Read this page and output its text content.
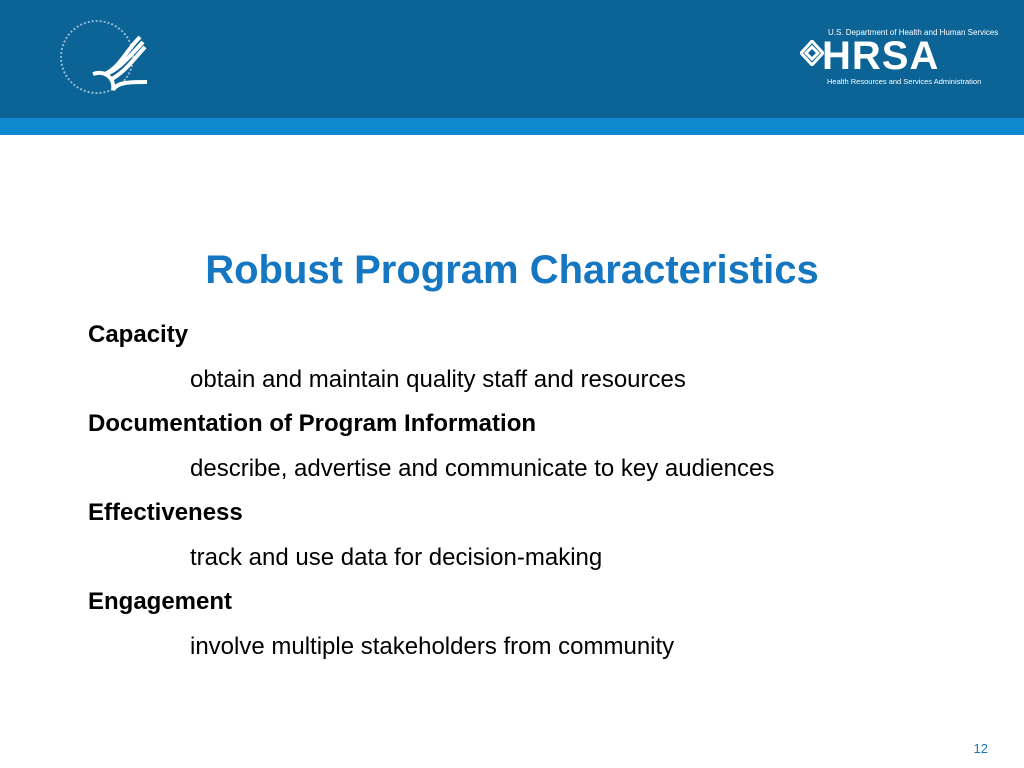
U.S. Department of Health and Human Services
HRSA
Health Resources and Services Administration
Robust Program Characteristics
Capacity
obtain and maintain quality staff and resources
Documentation of Program Information
describe, advertise and communicate to key audiences
Effectiveness
track and use data for decision-making
Engagement
involve multiple stakeholders from community
12
